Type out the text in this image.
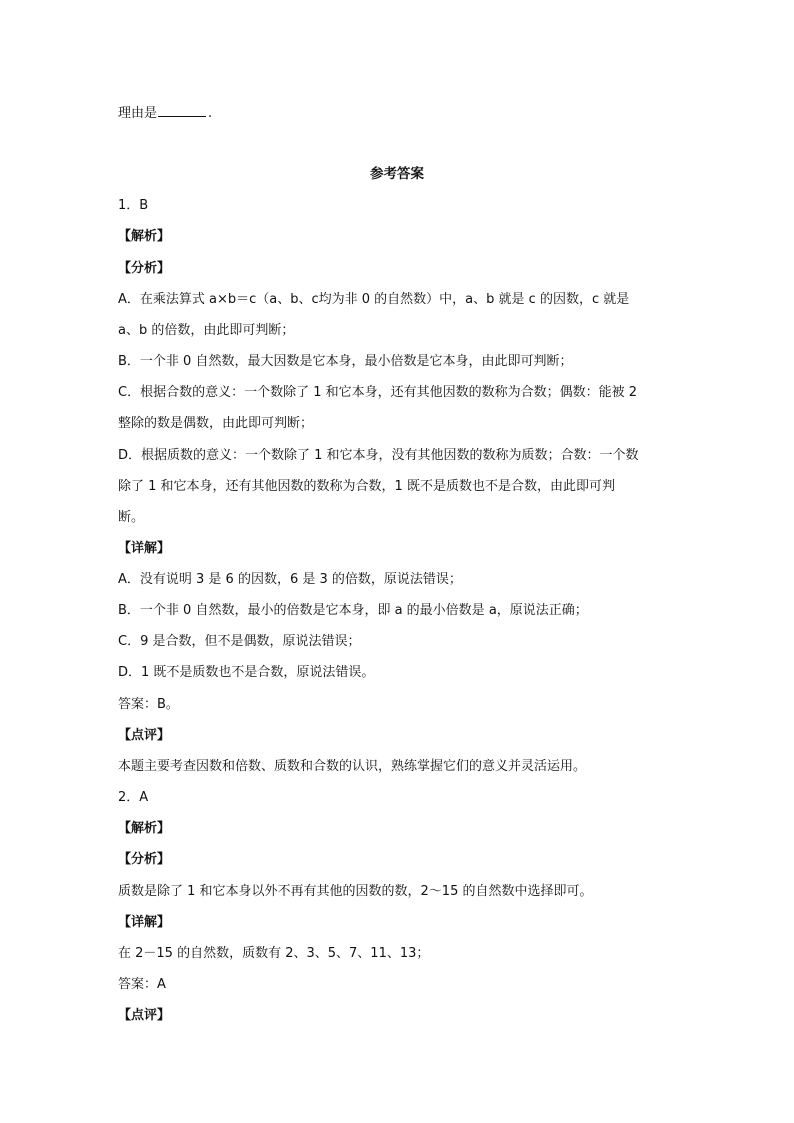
理由是	.
参考答案
1．B
【解析】
【分析】
A．在乘法算式 a×b＝c（a、b、c均为非 0 的自然数）中，a、b 就是 c 的因数，c 就是
a、b 的倍数，由此即可判断；
B．一个非 0 自然数，最大因数是它本身，最小倍数是它本身，由此即可判断；
C．根据合数的意义：一个数除了 1 和它本身，还有其他因数的数称为合数；偶数：能被 2
整除的数是偶数，由此即可判断；
D．根据质数的意义：一个数除了 1 和它本身，没有其他因数的数称为质数；合数：一个数
除了 1 和它本身，还有其他因数的数称为合数，1 既不是质数也不是合数，由此即可判
断。
【详解】
A．没有说明 3 是 6 的因数，6 是 3 的倍数，原说法错误；
B．一个非 0 自然数，最小的倍数是它本身，即 a 的最小倍数是 a，原说法正确；
C．9 是合数，但不是偶数，原说法错误；
D．1 既不是质数也不是合数，原说法错误。
答案：B。
【点评】
本题主要考查因数和倍数、质数和合数的认识，熟练掌握它们的意义并灵活运用。
2．A
【解析】
【分析】
质数是除了 1 和它本身以外不再有其他的因数的数，2～15 的自然数中选择即可。
【详解】
在 2－15 的自然数，质数有 2、3、5、7、11、13；
答案：A
【点评】
